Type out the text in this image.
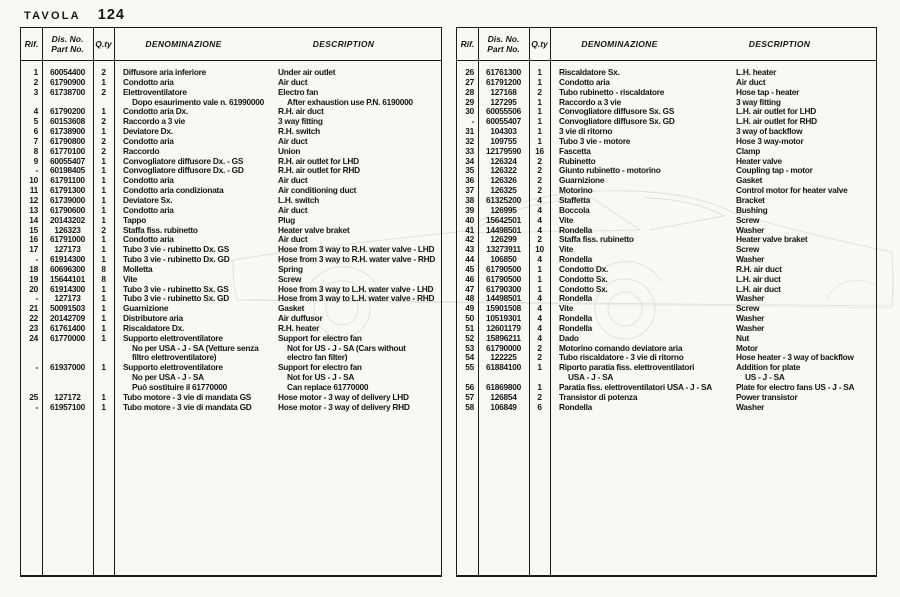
TAVOLA 124
Rif.	Dis. No.
Part No.	Q.ty	DENOMINAZIONE	DESCRIPTION
1	60054400	2	Diffusore aria inferiore	Under air outlet
2	61790900	1	Condotto aria	Air duct
3	61738700	2	Elettroventilatore	Electro fan
Dopo esaurimento vale n. 61990000	After exhaustion use P.N. 6190000
4	61790200	1	Condotto aria Dx.	R.H. air duct
5	60153608	2	Raccordo a 3 vie	3 way fitting
6	61738900	1	Deviatore Dx.	R.H. switch
7	61790800	2	Condotto aria	Air duct
8	61770100	2	Raccordo	Union
9	60055407	1	Convogliatore diffusore Dx. - GS	R.H. air outlet for LHD
-	60198405	1	Convogliatore diffusore Dx. - GD	R.H. air outlet for RHD
10	61791100	1	Condotto aria	Air duct
11	61791300	1	Condotto aria condizionata	Air conditioning duct
12	61739000	1	Deviatore Sx.	L.H. switch
13	61790600	1	Condotto aria	Air duct
14	20143202	1	Tappo	Plug
15	126323	2	Staffa fiss. rubinetto	Heater valve braket
16	61791000	1	Condotto aria	Air duct
17	127173	1	Tubo 3 vie - rubinetto Dx. GS	Hose from 3 way to R.H. water valve - LHD
-	61914300	1	Tubo 3 vie - rubinetto Dx. GD	Hose from 3 way to R.H. water valve - RHD
18	60696300	8	Molletta	Spring
19	15644101	8	Vite	Screw
20	61914300	1	Tubo 3 vie - rubinetto Sx. GS	Hose from 3 way to L.H. water valve - LHD
-	127173	1	Tubo 3 vie - rubinetto Sx. GD	Hose from 3 way to L.H. water valve - RHD
21	50091503	1	Guarnizione	Gasket
22	20142709	1	Distributore aria	Air duffusor
23	61761400	1	Riscaldatore Dx.	R.H. heater
24	61770000	1	Supporto elettroventilatore	Support for electro fan
No per USA - J - SA (Vetture senza	Not for US - J - SA (Cars without
filtro elettroventilatore)	electro fan filter)
-	61937000	1	Supporto elettroventilatore	Support for electro fan
No per USA - J - SA	Not for US - J - SA
Può sostituire il 61770000	Can replace 61770000
25	127172	1	Tubo motore - 3 vie di mandata GS	Hose motor - 3 way of delivery LHD
-	61957100	1	Tubo motore - 3 vie di mandata GD	Hose motor - 3 way of delivery RHD
Rif.	Dis. No.
Part No.	Q.ty	DENOMINAZIONE	DESCRIPTION
26	61761300	1	Riscaldatore Sx.	L.H. heater
27	61791200	1	Condotto aria	Air duct
28	127168	2	Tubo rubinetto - riscaldatore	Hose tap - heater
29	127295	1	Raccordo a 3 vie	3 way fitting
30	60055506	1	Convogliatore diffusore Sx. GS	L.H. air outlet for LHD
-	60055407	1	Convogliatore diffusore Sx. GD	L.H. air outlet for RHD
31	104303	1	3 vie di ritorno	3 way of backflow
32	109755	1	Tubo 3 vie - motore	Hose 3 way-motor
33	12179590	16	Fascetta	Clamp
34	126324	2	Rubinetto	Heater valve
35	126322	2	Giunto rubinetto - motorino	Coupling tap - motor
36	126326	2	Guarnizione	Gasket
37	126325	2	Motorino	Control motor for heater valve
38	61325200	4	Staffetta	Bracket
39	126995	4	Boccola	Bushing
40	15642501	4	Vite	Screw
41	14498501	4	Rondella	Washer
42	126299	2	Staffa fiss. rubinetto	Heater valve braket
43	13273911	10	Vite	Screw
44	106850	4	Rondella	Washer
45	61790500	1	Condotto Dx.	R.H. air duct
46	61790500	1	Condotto Sx.	L.H. air duct
47	61790300	1	Condotto Sx.	L.H. air duct
48	14498501	4	Rondella	Washer
49	15901508	4	Vite	Screw
50	10519301	4	Rondella	Washer
51	12601179	4	Rondella	Washer
52	15896211	4	Dado	Nut
53	61790000	2	Motorino comando deviatore aria	Motor
54	122225	2	Tubo riscaldatore - 3 vie di ritorno	Hose heater - 3 way of backflow
55	61884100	1	Riporto paratia fiss. elettroventilatori	Addition for plate
USA - J - SA	US - J - SA
56	61869800	1	Paratia fiss. elettroventilatori USA - J - SA	Plate for electro fans US - J - SA
57	126854	2	Transistor di potenza	Power transistor
58	106849	6	Rondella	Washer
